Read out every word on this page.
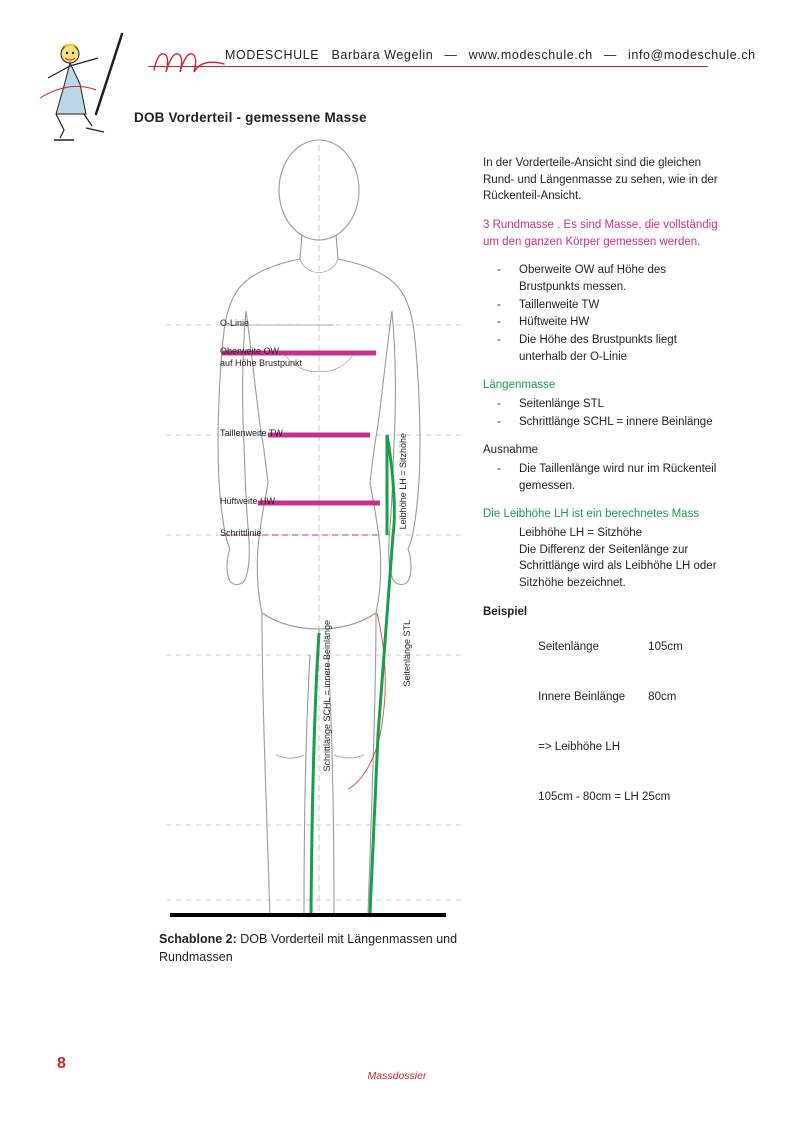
MODESCHULE Barbara Wegelin — www.modeschule.ch — info@modeschule.ch
DOB Vorderteil - gemessene Masse
O-Linie
Oberweite OW
auf Höhe Brustpunkt
Taillenweite TW
Hüftweite HW
Schrittlinie
Leibhöhe LH = Sitzhöhe
Seitenlänge STL
Schrittlänge SCHL = innere Beinlänge
Schablone 2: DOB Vorderteil mit Längenmassen und Rundmassen

In der Vorderteile-Ansicht sind die gleichen Rund- und Längenmasse zu sehen, wie in der Rückenteil-Ansicht.

3 Rundmasse . Es sind Masse, die vollständig um den ganzen Körper gemessen werden.

- Oberweite OW auf Höhe des Brustpunkts messen.
- Taillenweite TW
- Hüftweite HW
- Die Höhe des Brustpunkts liegt unterhalb der O-Linie

Längenmasse

- Seitenlänge STL
- Schrittlänge SCHL = innere Beinlänge

Ausnahme

- Die Taillenlänge wird nur im Rückenteil gemessen.

Die Leibhöhe LH ist ein berechnetes Mass

Leibhöhe LH = Sitzhöhe
Die Differenz der Seitenlänge zur Schrittlänge wird als Leibhöhe LH oder Sitzhöhe bezeichnet.

Beispiel

Seitenlänge	105cm

Innere Beinlänge 80cm

=> Leibhöhe LH

105cm - 80cm = LH 25cm

8
Massdossier
